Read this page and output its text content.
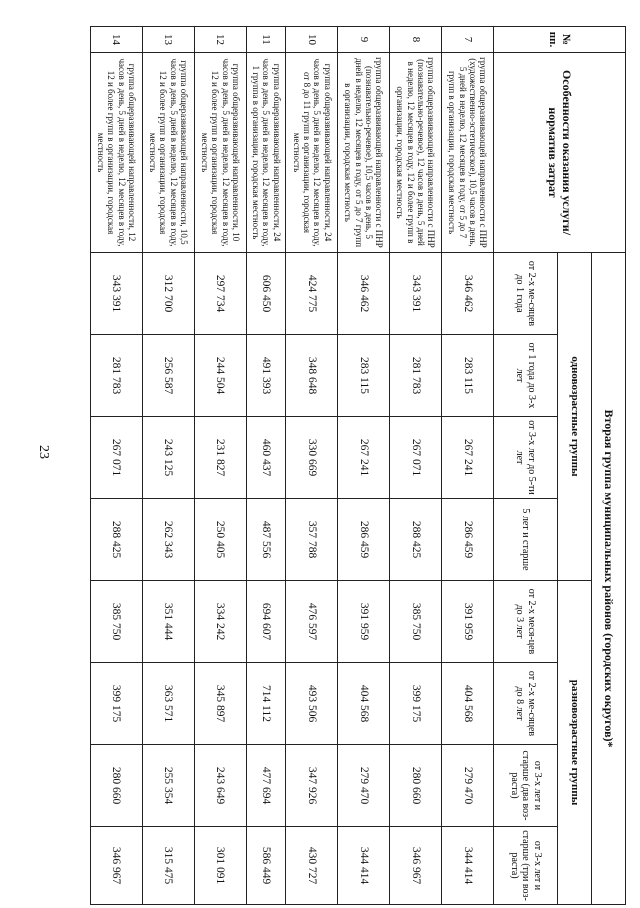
23
№ пп.	Особенности оказания услуги/норматив затрат	Вторая группа муниципальных районов (городских округов)*							
		одновозрастные группы				разновозрастные группы			
		от 2-х ме-сяцев до 1 года	от 1 года до 3-х лет	от 3-х лет до 5-ти лет	5 лет и старше	от 2-х меся-цев до 3 лет	от 2-х ме-сяцев до 8 лет	от 3-х лет и старше (два воз-раста)	от 3-х лет и старше (три воз-раста)
7	группа общеразвивающей направленности с ПНР (художественно-эстетическое), 10,5 часов в день, 5 дней в неделю, 12 месяцев в году, от 5 до 7 групп в организации, городская местность	346 462	283 115	267 241	286 459	391 959	404 568	279 470	344 414
8	группа общеразвивающей направленности с ПНР (познавательно-речевое), 12 часов в день, 5 дней в неделю, 12 месяцев в году, 12 и более групп в организации, городская местность	343 391	281 783	267 071	288 425	385 750	399 175	280 660	346 967
9	группа общеразвивающей направленности с ПНР (познавательно-речевое), 10,5 часов в день, 5 дней в неделю, 12 месяцев в году, от 5 до 7 групп в организации, городская местность	346 462	283 115	267 241	286 459	391 959	404 568	279 470	344 414
10	группа общеразвивающей направленности, 24 часов в день, 5 дней в неделю, 12 месяцев в году, от 8 до 11 групп в организации, городская местность	424 775	348 648	330 669	357 788	476 597	493 506	347 926	430 727
11	группа общеразвивающей направленности, 24 часов в день, 5 дней в неделю, 12 месяцев в году, 1 группа в организации, городская местность	606 450	491 393	460 437	487 556	694 607	714 112	477 694	586 449
12	группа общеразвивающей направленности, 10 часов в день, 5 дней в неделю, 12 месяцев в году, 12 и более групп в организации, городская местность	297 734	244 504	231 827	250 405	334 242	345 897	243 649	301 091
13	группа общеразвивающей направленности, 10,5 часов в день, 5 дней в неделю, 12 месяцев в году, 12 и более групп в организации, городская местность	312 700	256 587	243 125	262 343	351 444	363 571	255 354	315 475
14	группа общеразвивающей направленности, 12 часов в день, 5 дней в неделю, 12 месяцев в году, 12 и более групп в организации, городская местность	343 391	281 783	267 071	288 425	385 750	399 175	280 660	346 967
